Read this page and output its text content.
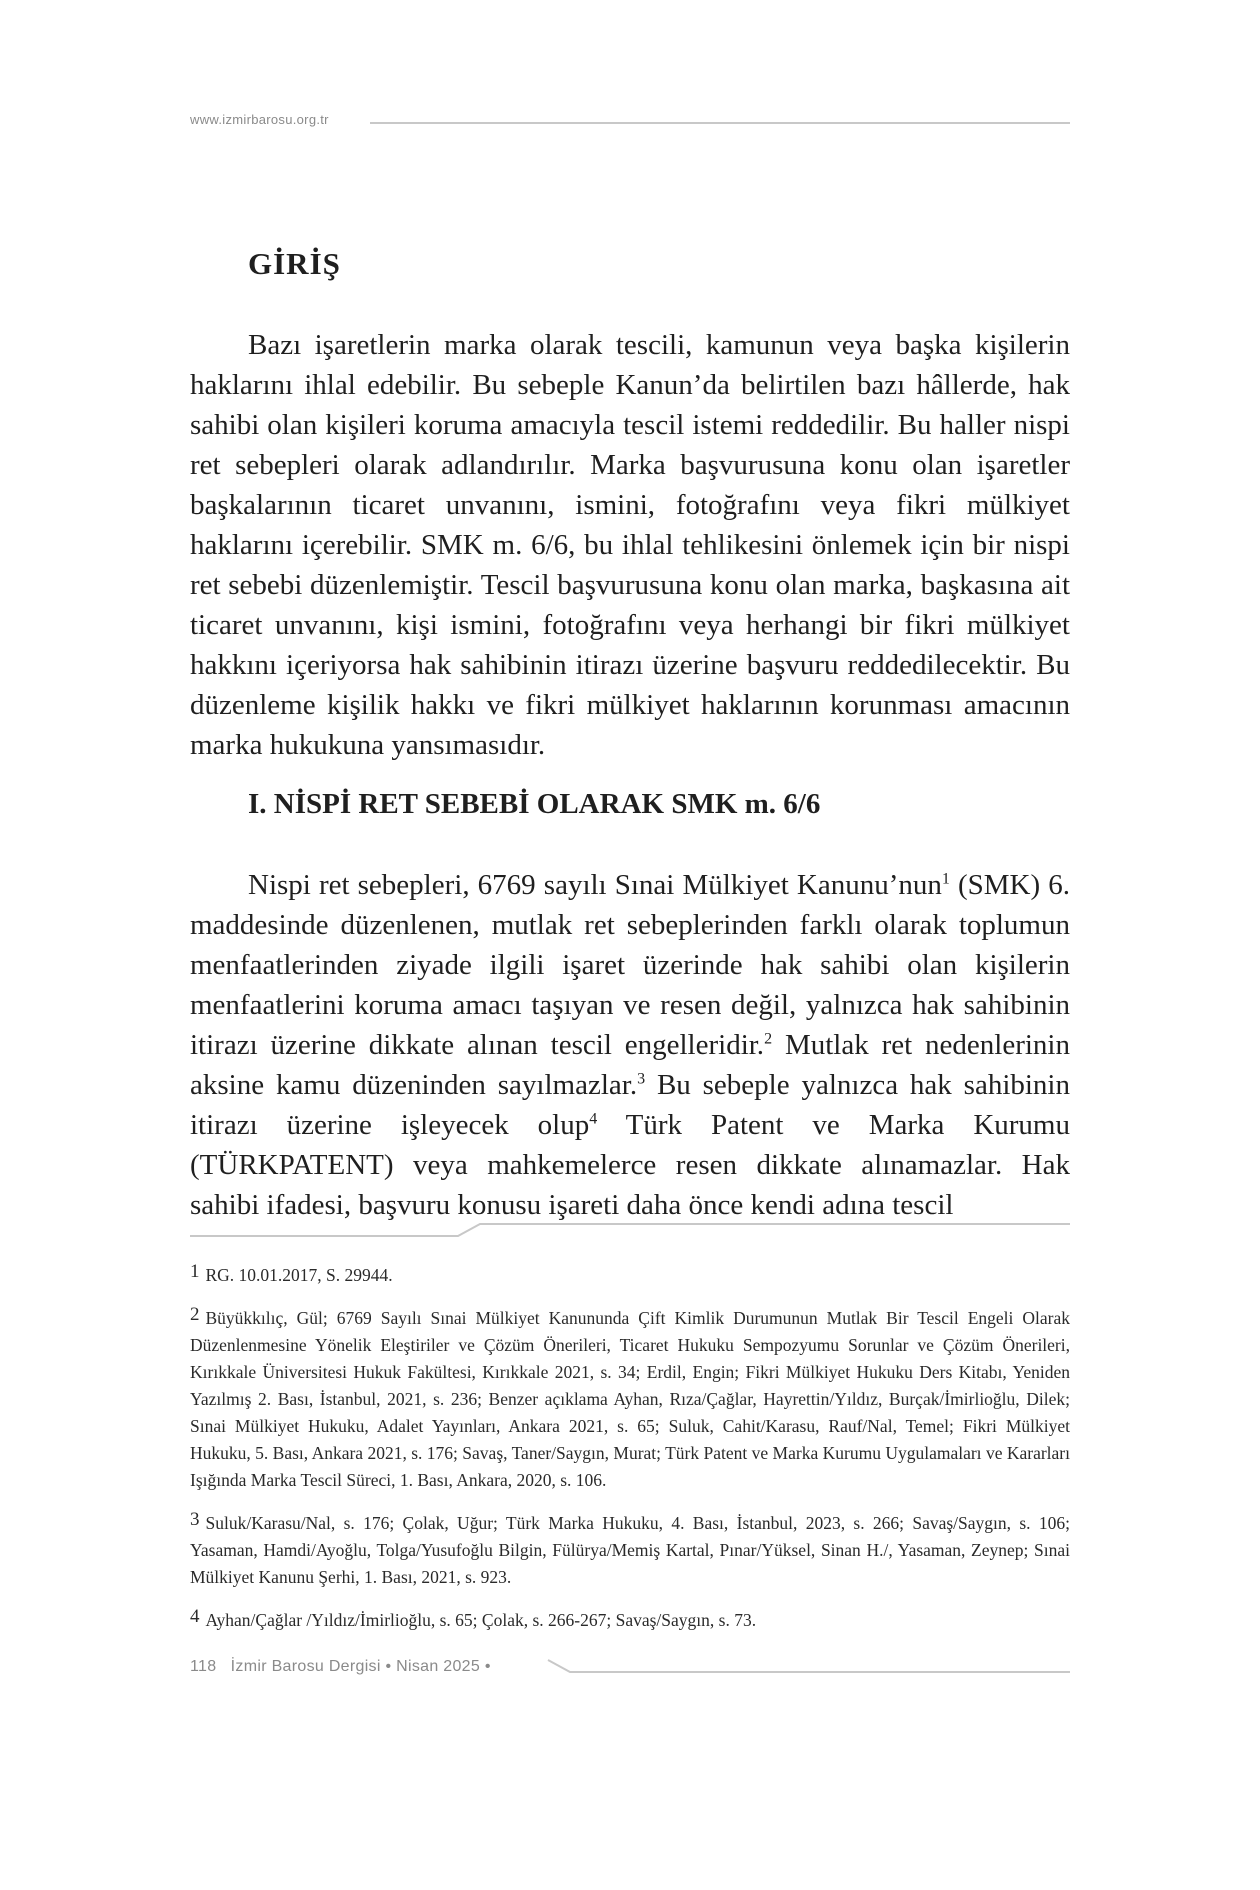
www.izmirbarosu.org.tr
GİRİŞ

Bazı işaretlerin marka olarak tescili, kamunun veya başka kişilerin haklarını ihlal edebilir. Bu sebeple Kanun’da belirtilen bazı hâllerde, hak sahibi olan kişileri koruma amacıyla tescil istemi reddedilir. Bu haller nispi ret sebepleri olarak adlandırılır. Marka başvurusuna konu olan işaretler başkalarının ticaret unvanını, ismini, fotoğrafını veya fikri mülkiyet haklarını içerebilir. SMK m. 6/6, bu ihlal tehlikesini önlemek için bir nispi ret sebebi düzenlemiştir. Tescil başvurusuna konu olan marka, başkasına ait ticaret unvanını, kişi ismini, fotoğrafını veya herhangi bir fikri mülkiyet hakkını içeriyorsa hak sahibinin itirazı üzerine başvuru reddedilecektir. Bu düzenleme kişilik hakkı ve fikri mülkiyet haklarının korunması amacının marka hukukuna yansımasıdır.

I. NİSPİ RET SEBEBİ OLARAK SMK m. 6/6

Nispi ret sebepleri, 6769 sayılı Sınai Mülkiyet Kanunu’nun$^1$ (SMK) 6. maddesinde düzenlenen, mutlak ret sebeplerinden farklı olarak toplumun menfaatlerinden ziyade ilgili işaret üzerinde hak sahibi olan kişilerin menfaatlerini koruma amacı taşıyan ve resen değil, yalnızca hak sahibinin itirazı üzerine dikkate alınan tescil engelleridir.$^2$ Mutlak ret nedenlerinin aksine kamu düzeninden sayılmazlar.$^3$ Bu sebeple yalnızca hak sahibinin itirazı üzerine işleyecek olup$^4$ Türk Patent ve Marka Kurumu (TÜRKPATENT) veya mahkemelerce resen dikkate alınamazlar. Hak sahibi ifadesi, başvuru konusu işareti daha önce kendi adına tescil

1 RG. 10.01.2017, S. 29944.

2 Büyükkılıç, Gül; 6769 Sayılı Sınai Mülkiyet Kanununda Çift Kimlik Durumunun Mutlak Bir Tescil Engeli Olarak Düzenlenmesine Yönelik Eleştiriler ve Çözüm Önerileri, Ticaret Hukuku Sempozyumu Sorunlar ve Çözüm Önerileri, Kırıkkale Üniversitesi Hukuk Fakültesi, Kırıkkale 2021, s. 34; Erdil, Engin; Fikri Mülkiyet Hukuku Ders Kitabı, Yeniden Yazılmış 2. Bası, İstanbul, 2021, s. 236; Benzer açıklama Ayhan, Rıza/Çağlar, Hayrettin/Yıldız, Burçak/İmirlioğlu, Dilek; Sınai Mülkiyet Hukuku, Adalet Yayınları, Ankara 2021, s. 65; Suluk, Cahit/Karasu, Rauf/Nal, Temel; Fikri Mülkiyet Hukuku, 5. Bası, Ankara 2021, s. 176; Savaş, Taner/Saygın, Murat; Türk Patent ve Marka Kurumu Uygulamaları ve Kararları Işığında Marka Tescil Süreci, 1. Bası, Ankara, 2020, s. 106.

3 Suluk/Karasu/Nal, s. 176; Çolak, Uğur; Türk Marka Hukuku, 4. Bası, İstanbul, 2023, s. 266; Savaş/Saygın, s. 106; Yasaman, Hamdi/Ayoğlu, Tolga/Yusufoğlu Bilgin, Fülürya/Memiş Kartal, Pınar/Yüksel, Sinan H./, Yasaman, Zeynep; Sınai Mülkiyet Kanunu Şerhi, 1. Bası, 2021, s. 923.

4 Ayhan/Çağlar /Yıldız/İmirlioğlu, s. 65; Çolak, s. 266-267; Savaş/Saygın, s. 73.

118 İzmir Barosu Dergisi • Nisan 2025 •
